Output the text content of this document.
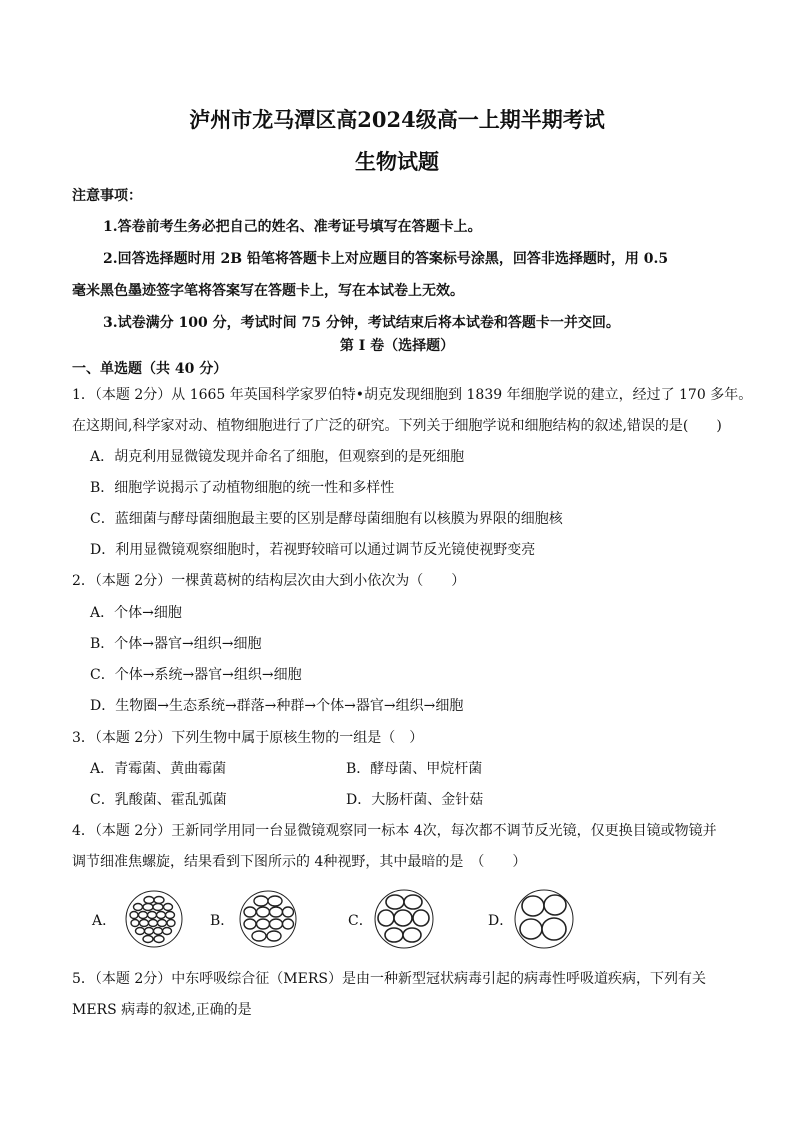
泸州市龙马潭区高2024级高一上期半期考试
生物试题
注意事项：
1.答卷前考生务必把自己的姓名、准考证号填写在答题卡上。
2.回答选择题时用 2B 铅笔将答题卡上对应题目的答案标号涂黑，回答非选择题时，用 0.5
毫米黑色墨迹签字笔将答案写在答题卡上，写在本试卷上无效。
3.试卷满分 100 分，考试时间 75 分钟，考试结束后将本试卷和答题卡一并交回。
第 I 卷（选择题）
一、单选题（共 40 分）
1．（本题 2分）从 1665 年英国科学家罗伯特•胡克发现细胞到 1839 年细胞学说的建立，经过了 170 多年。
在这期间,科学家对动、植物细胞进行了广泛的研究。下列关于细胞学说和细胞结构的叙述,错误的是(　　)
A．胡克利用显微镜发现并命名了细胞，但观察到的是死细胞
B．细胞学说揭示了动植物细胞的统一性和多样性
C．蓝细菌与酵母菌细胞最主要的区别是酵母菌细胞有以核膜为界限的细胞核
D．利用显微镜观察细胞时，若视野较暗可以通过调节反光镜使视野变亮
2．（本题 2分）一棵黄葛树的结构层次由大到小依次为（　　）
A．个体→细胞
B．个体→器官→组织→细胞
C．个体→系统→器官→组织→细胞
D．生物圈→生态系统→群落→种群→个体→器官→组织→细胞
3．（本题 2分）下列生物中属于原核生物的一组是（　）
A．青霉菌、黄曲霉菌	B．酵母菌、甲烷杆菌
C．乳酸菌、霍乱弧菌	D．大肠杆菌、金针菇
4．（本题 2分）王新同学用同一台显微镜观察同一标本 4次，每次都不调节反光镜，仅更换目镜或物镜并
调节细准焦螺旋，结果看到下图所示的 4种视野，其中最暗的是　（　　）
A．	B．	C．	D．
5．（本题 2分）中东呼吸综合征（MERS）是由一种新型冠状病毒引起的病毒性呼吸道疾病，下列有关
MERS 病毒的叙述,正确的是
